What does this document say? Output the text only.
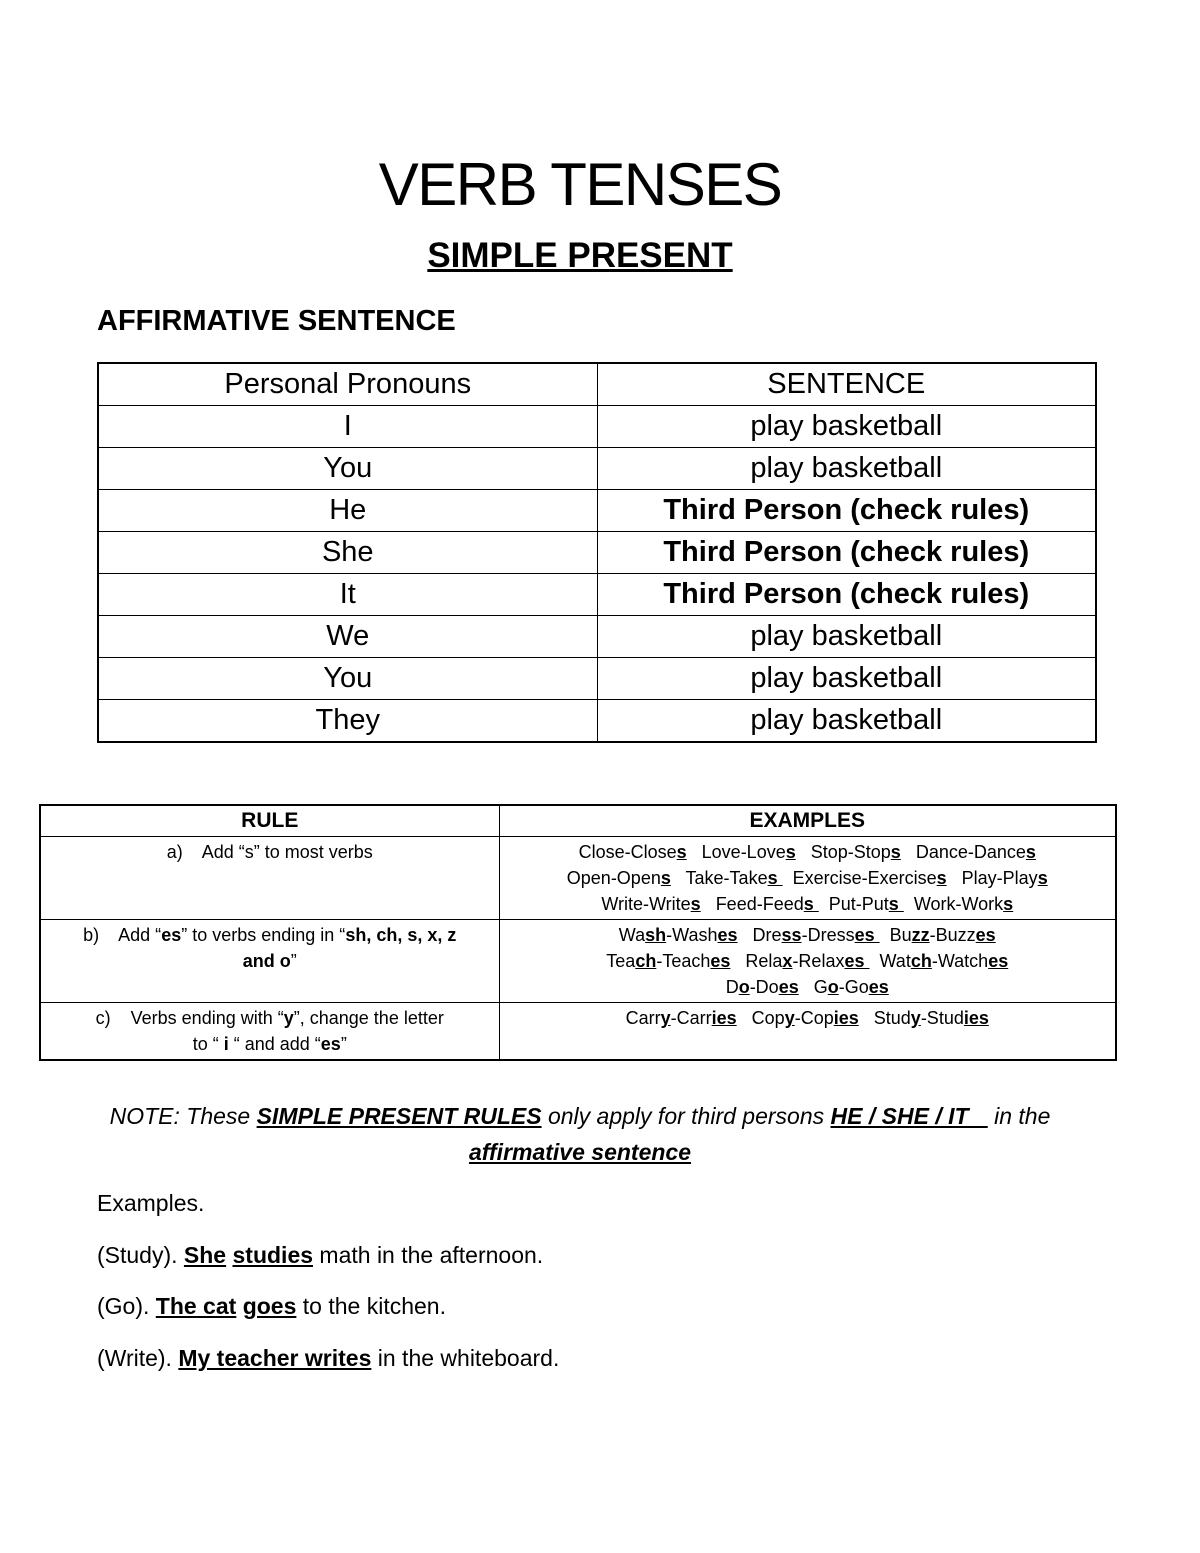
VERB TENSES
SIMPLE PRESENT
AFFIRMATIVE SENTENCE
Personal Pronouns	SENTENCE
I	play basketball
You	play basketball
He	Third Person (check rules)
She	Third Person (check rules)
It	Third Person (check rules)
We	play basketball
You	play basketball
They	play basketball
RULE	EXAMPLES
a)    Add “s” to most verbs	Close-Closes   Love-Loves   Stop-Stops   Dance-Dances
Open-Opens   Take-Takes   Exercise-Exercises   Play-Plays
Write-Writes   Feed-Feeds   Put-Puts   Work-Works
b)    Add “es” to verbs ending in “sh, ch, s, x, z
and o”	Wash-Washes   Dress-Dresses   Buzz-Buzzes
Teach-Teaches   Relax-Relaxes   Watch-Watches
Do-Does   Go-Goes
c)    Verbs ending with “y”, change the letter
to “ i “ and add “es”	Carry-Carries   Copy-Copies   Study-Studies
NOTE: These SIMPLE PRESENT RULES only apply for third persons HE / SHE / IT    in the
affirmative sentence
Examples.
(Study). She studies math in the afternoon.
(Go). The cat goes to the kitchen.
(Write). My teacher writes in the whiteboard.
